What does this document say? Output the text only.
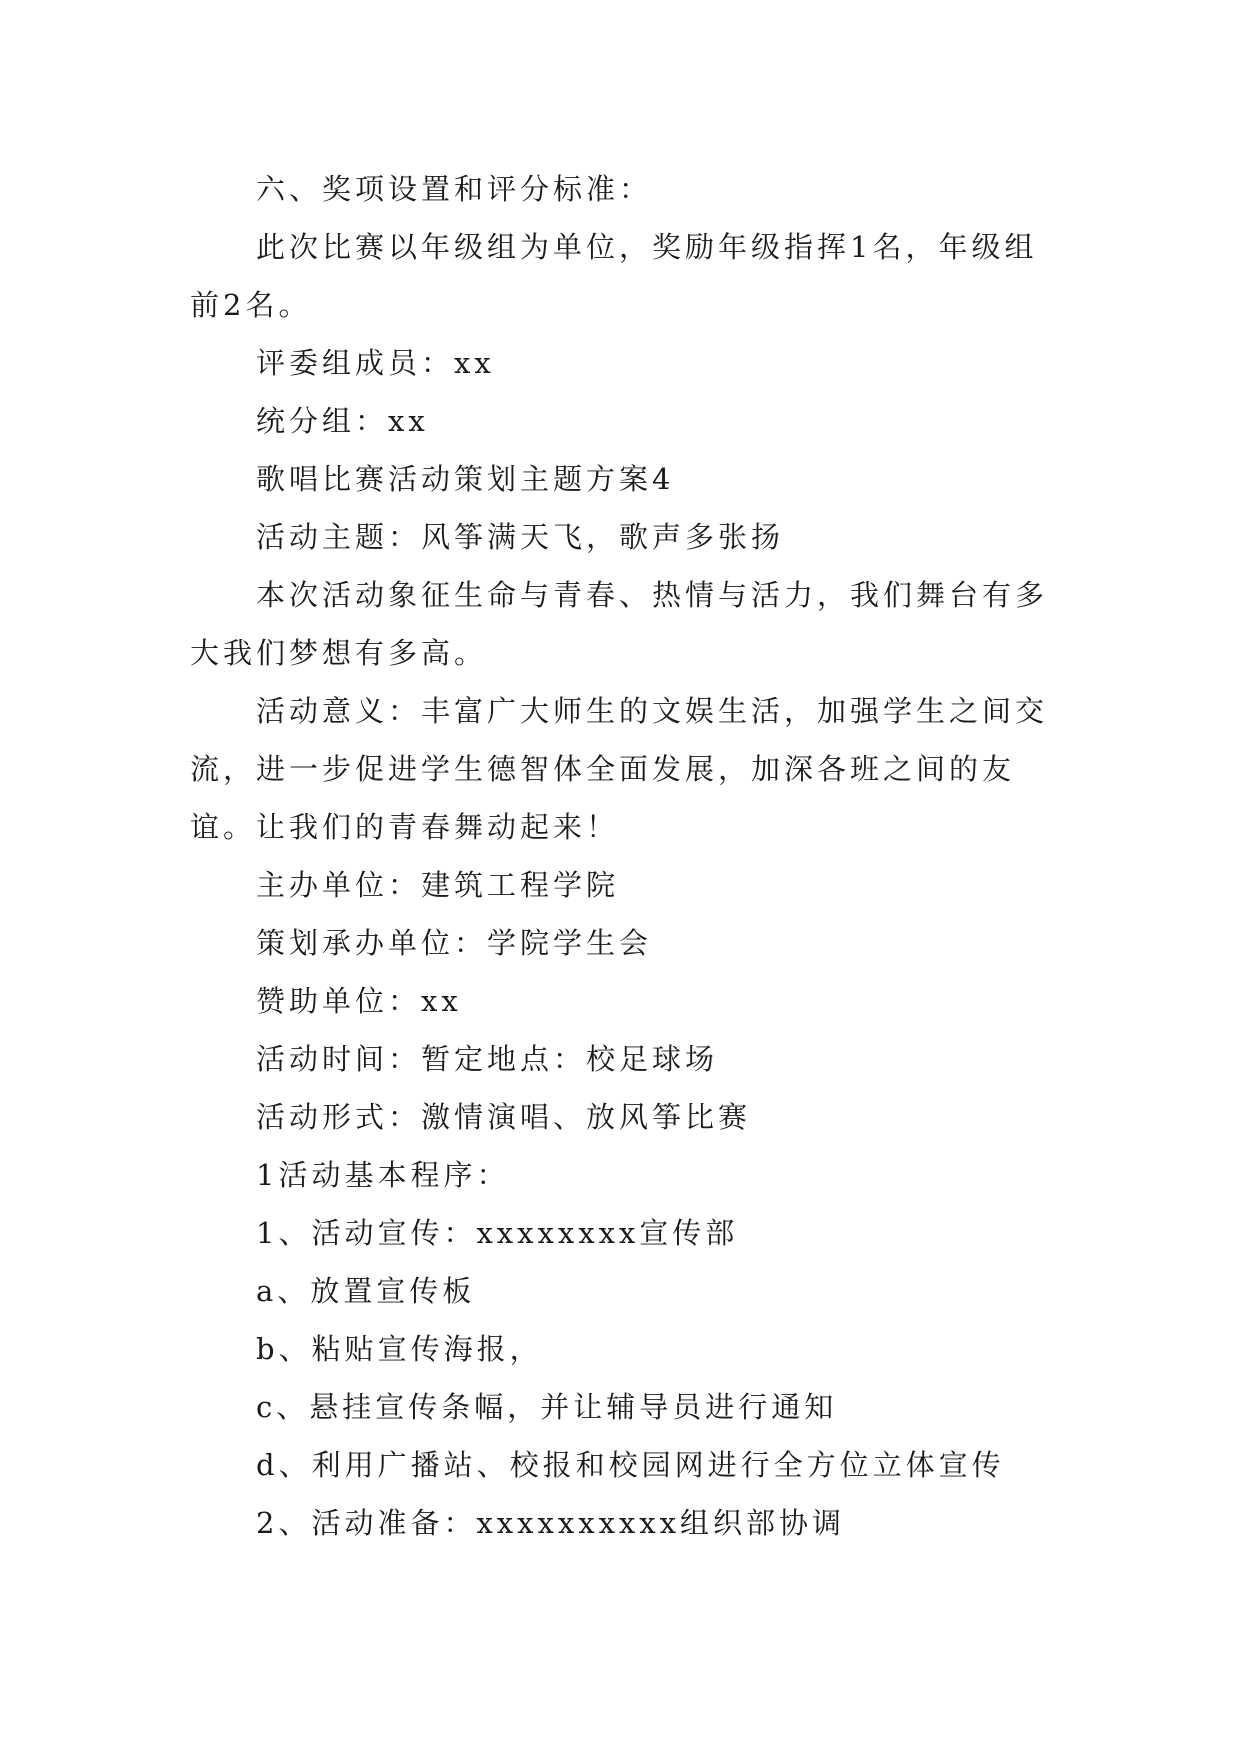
六、奖项设置和评分标准：

此次比赛以年级组为单位，奖励年级指挥1名，年级组前2名。

评委组成员：xx

统分组：xx

歌唱比赛活动策划主题方案4

活动主题：风筝满天飞，歌声多张扬

本次活动象征生命与青春、热情与活力，我们舞台有多大我们梦想有多高。

活动意义：丰富广大师生的文娱生活，加强学生之间交流，进一步促进学生德智体全面发展，加深各班之间的友谊。让我们的青春舞动起来！

主办单位：建筑工程学院

策划承办单位：学院学生会

赞助单位：xx

活动时间：暂定地点：校足球场

活动形式：激情演唱、放风筝比赛

1活动基本程序：

1、活动宣传：xxxxxxxx宣传部

a、放置宣传板

b、粘贴宣传海报，

c、悬挂宣传条幅，并让辅导员进行通知

d、利用广播站、校报和校园网进行全方位立体宣传

2、活动准备：xxxxxxxxxx组织部协调
